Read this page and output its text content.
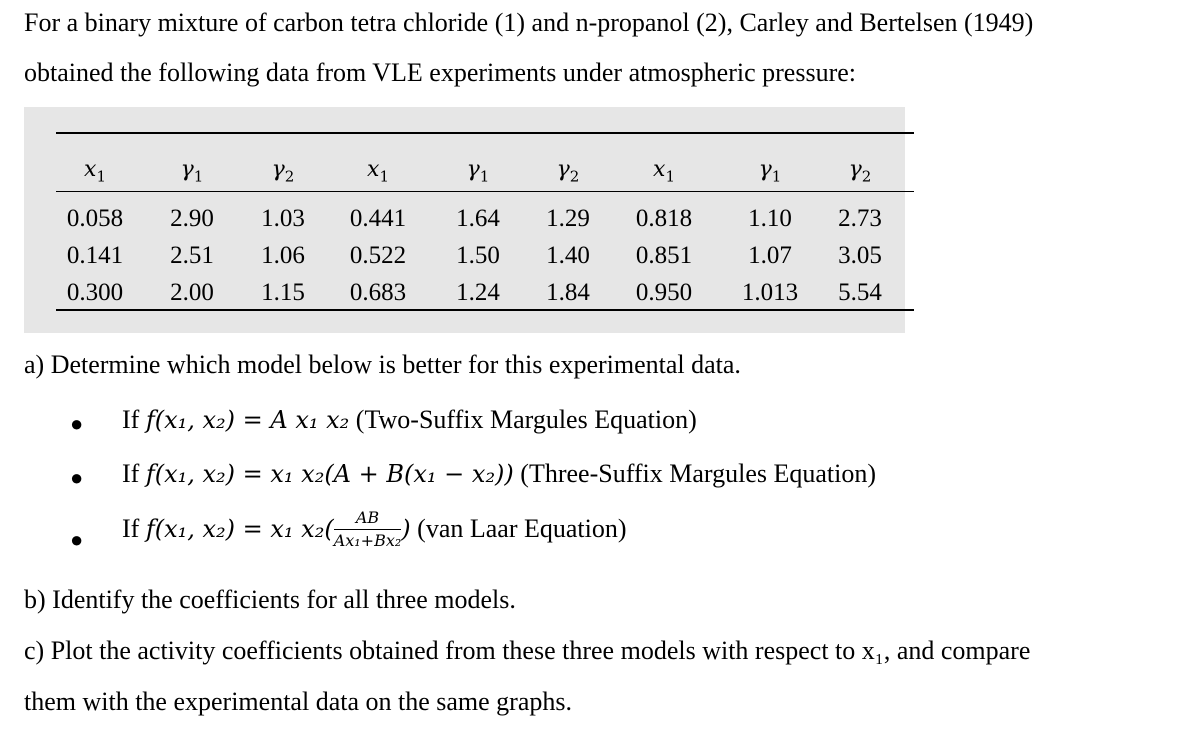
For a binary mixture of carbon tetra chloride (1) and n-propanol (2), Carley and Bertelsen (1949)
obtained the following data from VLE experiments under atmospheric pressure:
$x_1$	$\gamma_1$	$\gamma_2$	$x_1$	$\gamma_1$	$\gamma_2$	$x_1$	$\gamma_1$	$\gamma_2$
0.058	2.90	1.03	0.441	1.64	1.29	0.818	1.10	2.73
0.141	2.51	1.06	0.522	1.50	1.40	0.851	1.07	3.05
0.300	2.00	1.15	0.683	1.24	1.84	0.950	1.013	5.54
a) Determine which model below is better for this experimental data.
● If f(x₁, x₂) = A x₁ x₂ (Two-Suffix Margules Equation)
● If f(x₁, x₂) = x₁ x₂(A + B(x₁ − x₂)) (Three-Suffix Margules Equation)
● If f(x₁, x₂) = x₁ $x_2( \frac{AB}{\text{Ax₁+Bx₂}}$ ) (van Laar Equation)
b) Identify the coefficients for all three models.
c) Plot the activity coefficients obtained from these three models with respect to x₁, and compare
them with the experimental data on the same graphs.
